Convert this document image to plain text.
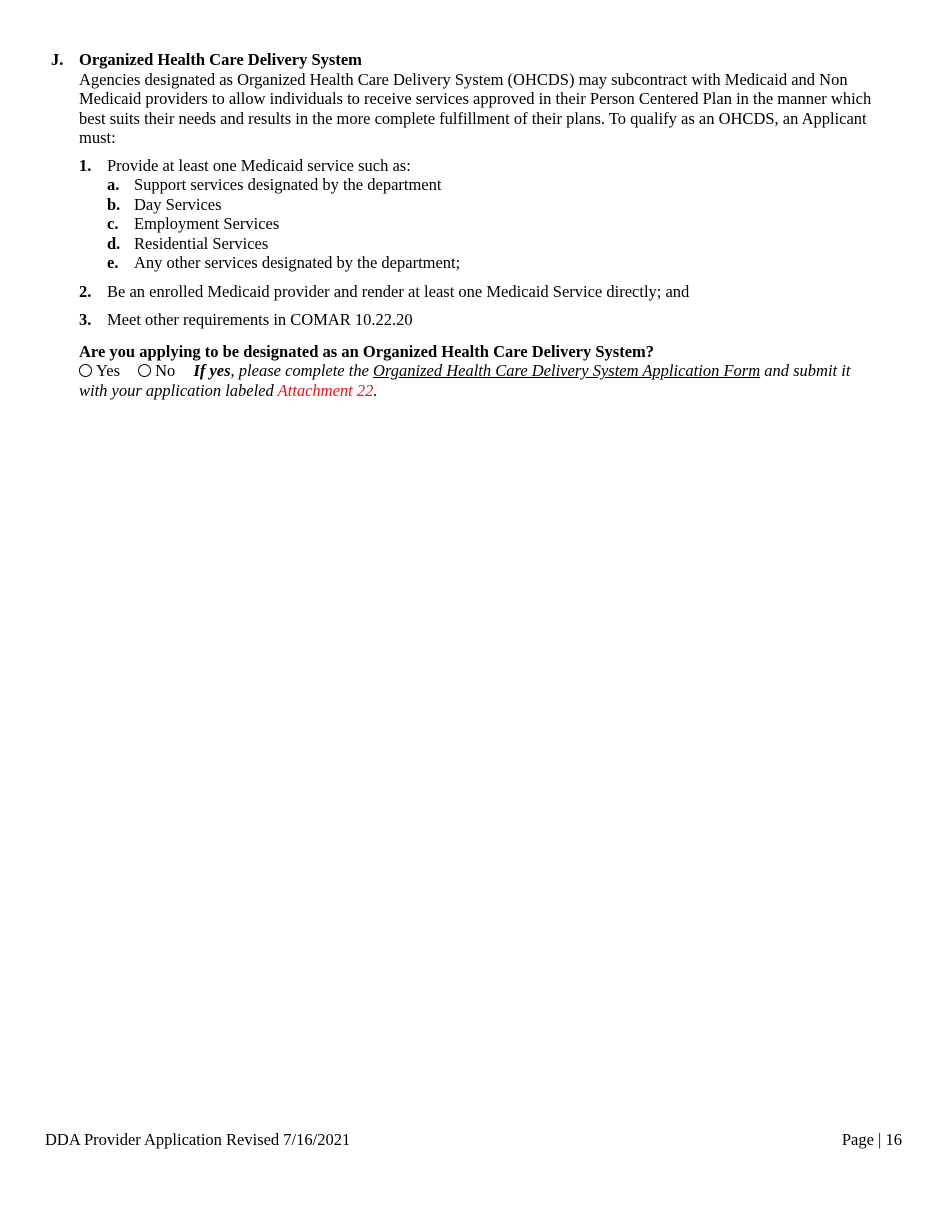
J. Organized Health Care Delivery System
Agencies designated as Organized Health Care Delivery System (OHCDS) may subcontract with Medicaid and Non Medicaid providers to allow individuals to receive services approved in their Person Centered Plan in the manner which best suits their needs and results in the more complete fulfillment of their plans. To qualify as an OHCDS, an Applicant must:
1. Provide at least one Medicaid service such as:
a. Support services designated by the department
b. Day Services
c. Employment Services
d. Residential Services
e. Any other services designated by the department;
2. Be an enrolled Medicaid provider and render at least one Medicaid Service directly; and
3. Meet other requirements in COMAR 10.22.20
Are you applying to be designated as an Organized Health Care Delivery System?
Yes No If yes, please complete the Organized Health Care Delivery System Application Form and submit it with your application labeled Attachment 22.
DDA Provider Application Revised 7/16/2021	Page | 16
